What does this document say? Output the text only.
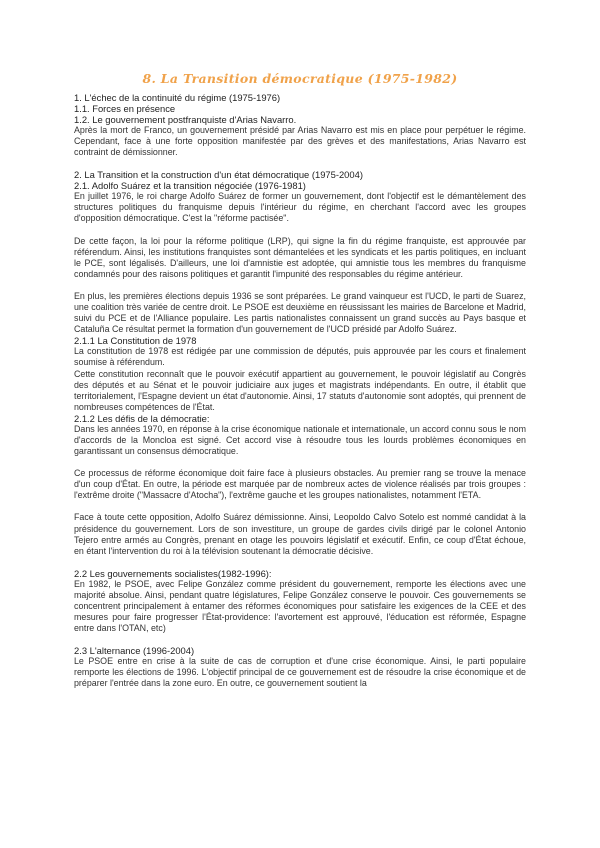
8. La Transition démocratique (1975-1982)

1. L'échec de la continuité du régime (1975-1976)

1.1. Forces en présence

1.2. Le gouvernement postfranquiste d'Arias Navarro.

Après la mort de Franco, un gouvernement présidé par Arias Navarro est mis en place pour perpétuer le régime. Cependant, face à une forte opposition manifestée par des grèves et des manifestations, Arias Navarro est contraint de démissionner.

2. La Transition et la construction d'un état démocratique (1975-2004)

2.1. Adolfo Suárez et la transition négociée (1976-1981)

En juillet 1976, le roi charge Adolfo Suárez de former un gouvernement, dont l'objectif est le démantèlement des structures politiques du franquisme depuis l'intérieur du régime, en cherchant l'accord avec les groupes d'opposition démocratique. C'est la "réforme pactisée".

De cette façon, la loi pour la réforme politique (LRP), qui signe la fin du régime franquiste, est approuvée par référendum. Ainsi, les institutions franquistes sont démantelées et les syndicats et les partis politiques, en incluant le PCE, sont légalisés. D'ailleurs, une loi d'amnistie est adoptée, qui amnistie tous les membres du franquisme condamnés pour des raisons politiques et garantit l'impunité des responsables du régime antérieur.

En plus, les premières élections depuis 1936 se sont préparées. Le grand vainqueur est l'UCD, le parti de Suarez, une coalition très variée de centre droit. Le PSOE est deuxième en réussissant les mairies de Barcelone et Madrid, suivi du PCE et de l'Alliance populaire. Les partis nationalistes connaissent un grand succès au Pays basque et Cataluña Ce résultat permet la formation d'un gouvernement de l'UCD présidé par Adolfo Suárez.

2.1.1 La Constitution de 1978

La constitution de 1978 est rédigée par une commission de députés, puis approuvée par les cours et finalement soumise à référendum.

Cette constitution reconnaît que le pouvoir exécutif appartient au gouvernement, le pouvoir législatif au Congrès des députés et au Sénat et le pouvoir judiciaire aux juges et magistrats indépendants. En outre, il établit que territorialement, l'Espagne devient un état d'autonomie. Ainsi, 17 statuts d'autonomie sont adoptés, qui prennent de nombreuses compétences de l'État.

2.1.2 Les défis de la démocratie:

Dans les années 1970, en réponse à la crise économique nationale et internationale, un accord connu sous le nom d'accords de la Moncloa est signé. Cet accord vise à résoudre tous les lourds problèmes économiques en garantissant un consensus démocratique.

Ce processus de réforme économique doit faire face à plusieurs obstacles. Au premier rang se trouve la menace d'un coup d'État. En outre, la période est marquée par de nombreux actes de violence réalisés par trois groupes : l'extrême droite ("Massacre d'Atocha"), l'extrême gauche et les groupes nationalistes, notamment l'ETA.

Face à toute cette opposition, Adolfo Suárez démissionne. Ainsi, Leopoldo Calvo Sotelo est nommé candidat à la présidence du gouvernement. Lors de son investiture, un groupe de gardes civils dirigé par le colonel Antonio Tejero entre armés au Congrès, prenant en otage les pouvoirs législatif et exécutif. Enfin, ce coup d'État échoue, en étant l'intervention du roi à la télévision soutenant la démocratie décisive.

2.2 Les gouvernements socialistes(1982-1996):

En 1982, le PSOE, avec Felipe González comme président du gouvernement, remporte les élections avec une majorité absolue. Ainsi, pendant quatre législatures, Felipe González conserve le pouvoir. Ces gouvernements se concentrent principalement à entamer des réformes économiques pour satisfaire les exigences de la CEE et des mesures pour faire progresser l'État-providence: l'avortement est approuvé, l'éducation est réformée, Espagne entre dans l'OTAN, etc)

2.3 L'alternance (1996-2004)

Le PSOE entre en crise à la suite de cas de corruption et d'une crise économique. Ainsi, le parti populaire remporte les élections de 1996. L'objectif principal de ce gouvernement est de résoudre la crise économique et de préparer l'entrée dans la zone euro. En outre, ce gouvernement soutient la
